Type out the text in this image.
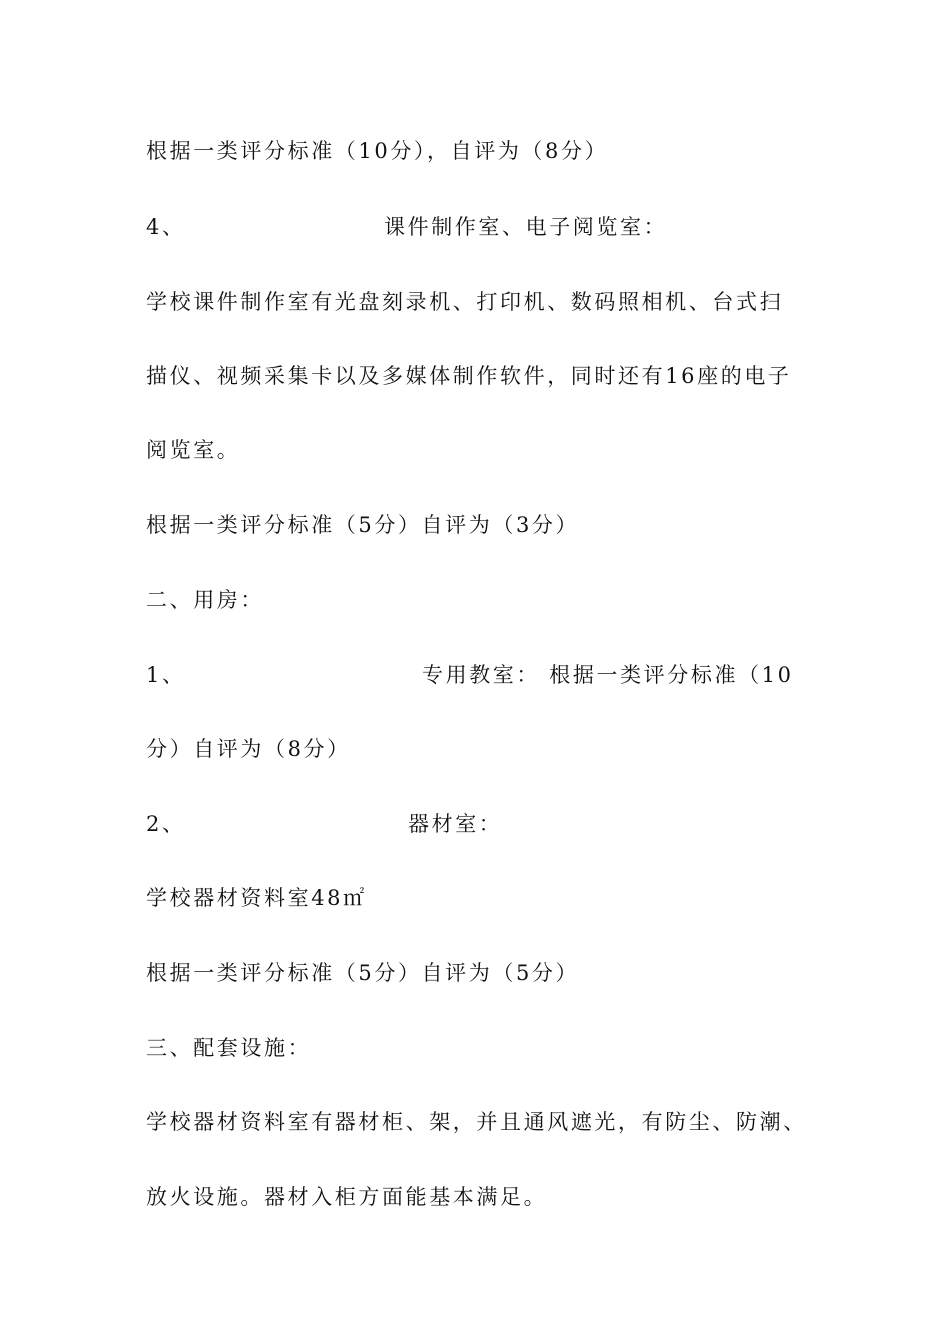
根据一类评分标准（10分），自评为（8分）
4、	课件制作室、电子阅览室：
学校课件制作室有光盘刻录机、打印机、数码照相机、台式扫
描仪、视频采集卡以及多媒体制作软件，同时还有16座的电子
阅览室。
根据一类评分标准（5分）自评为（3分）
二、用房：
1、	专用教室： 根据一类评分标准（10
分）自评为（8分）
2、	器材室：
学校器材资料室48㎡
根据一类评分标准（5分）自评为（5分）
三、配套设施：
学校器材资料室有器材柜、架，并且通风遮光，有防尘、防潮、
放火设施。器材入柜方面能基本满足。
